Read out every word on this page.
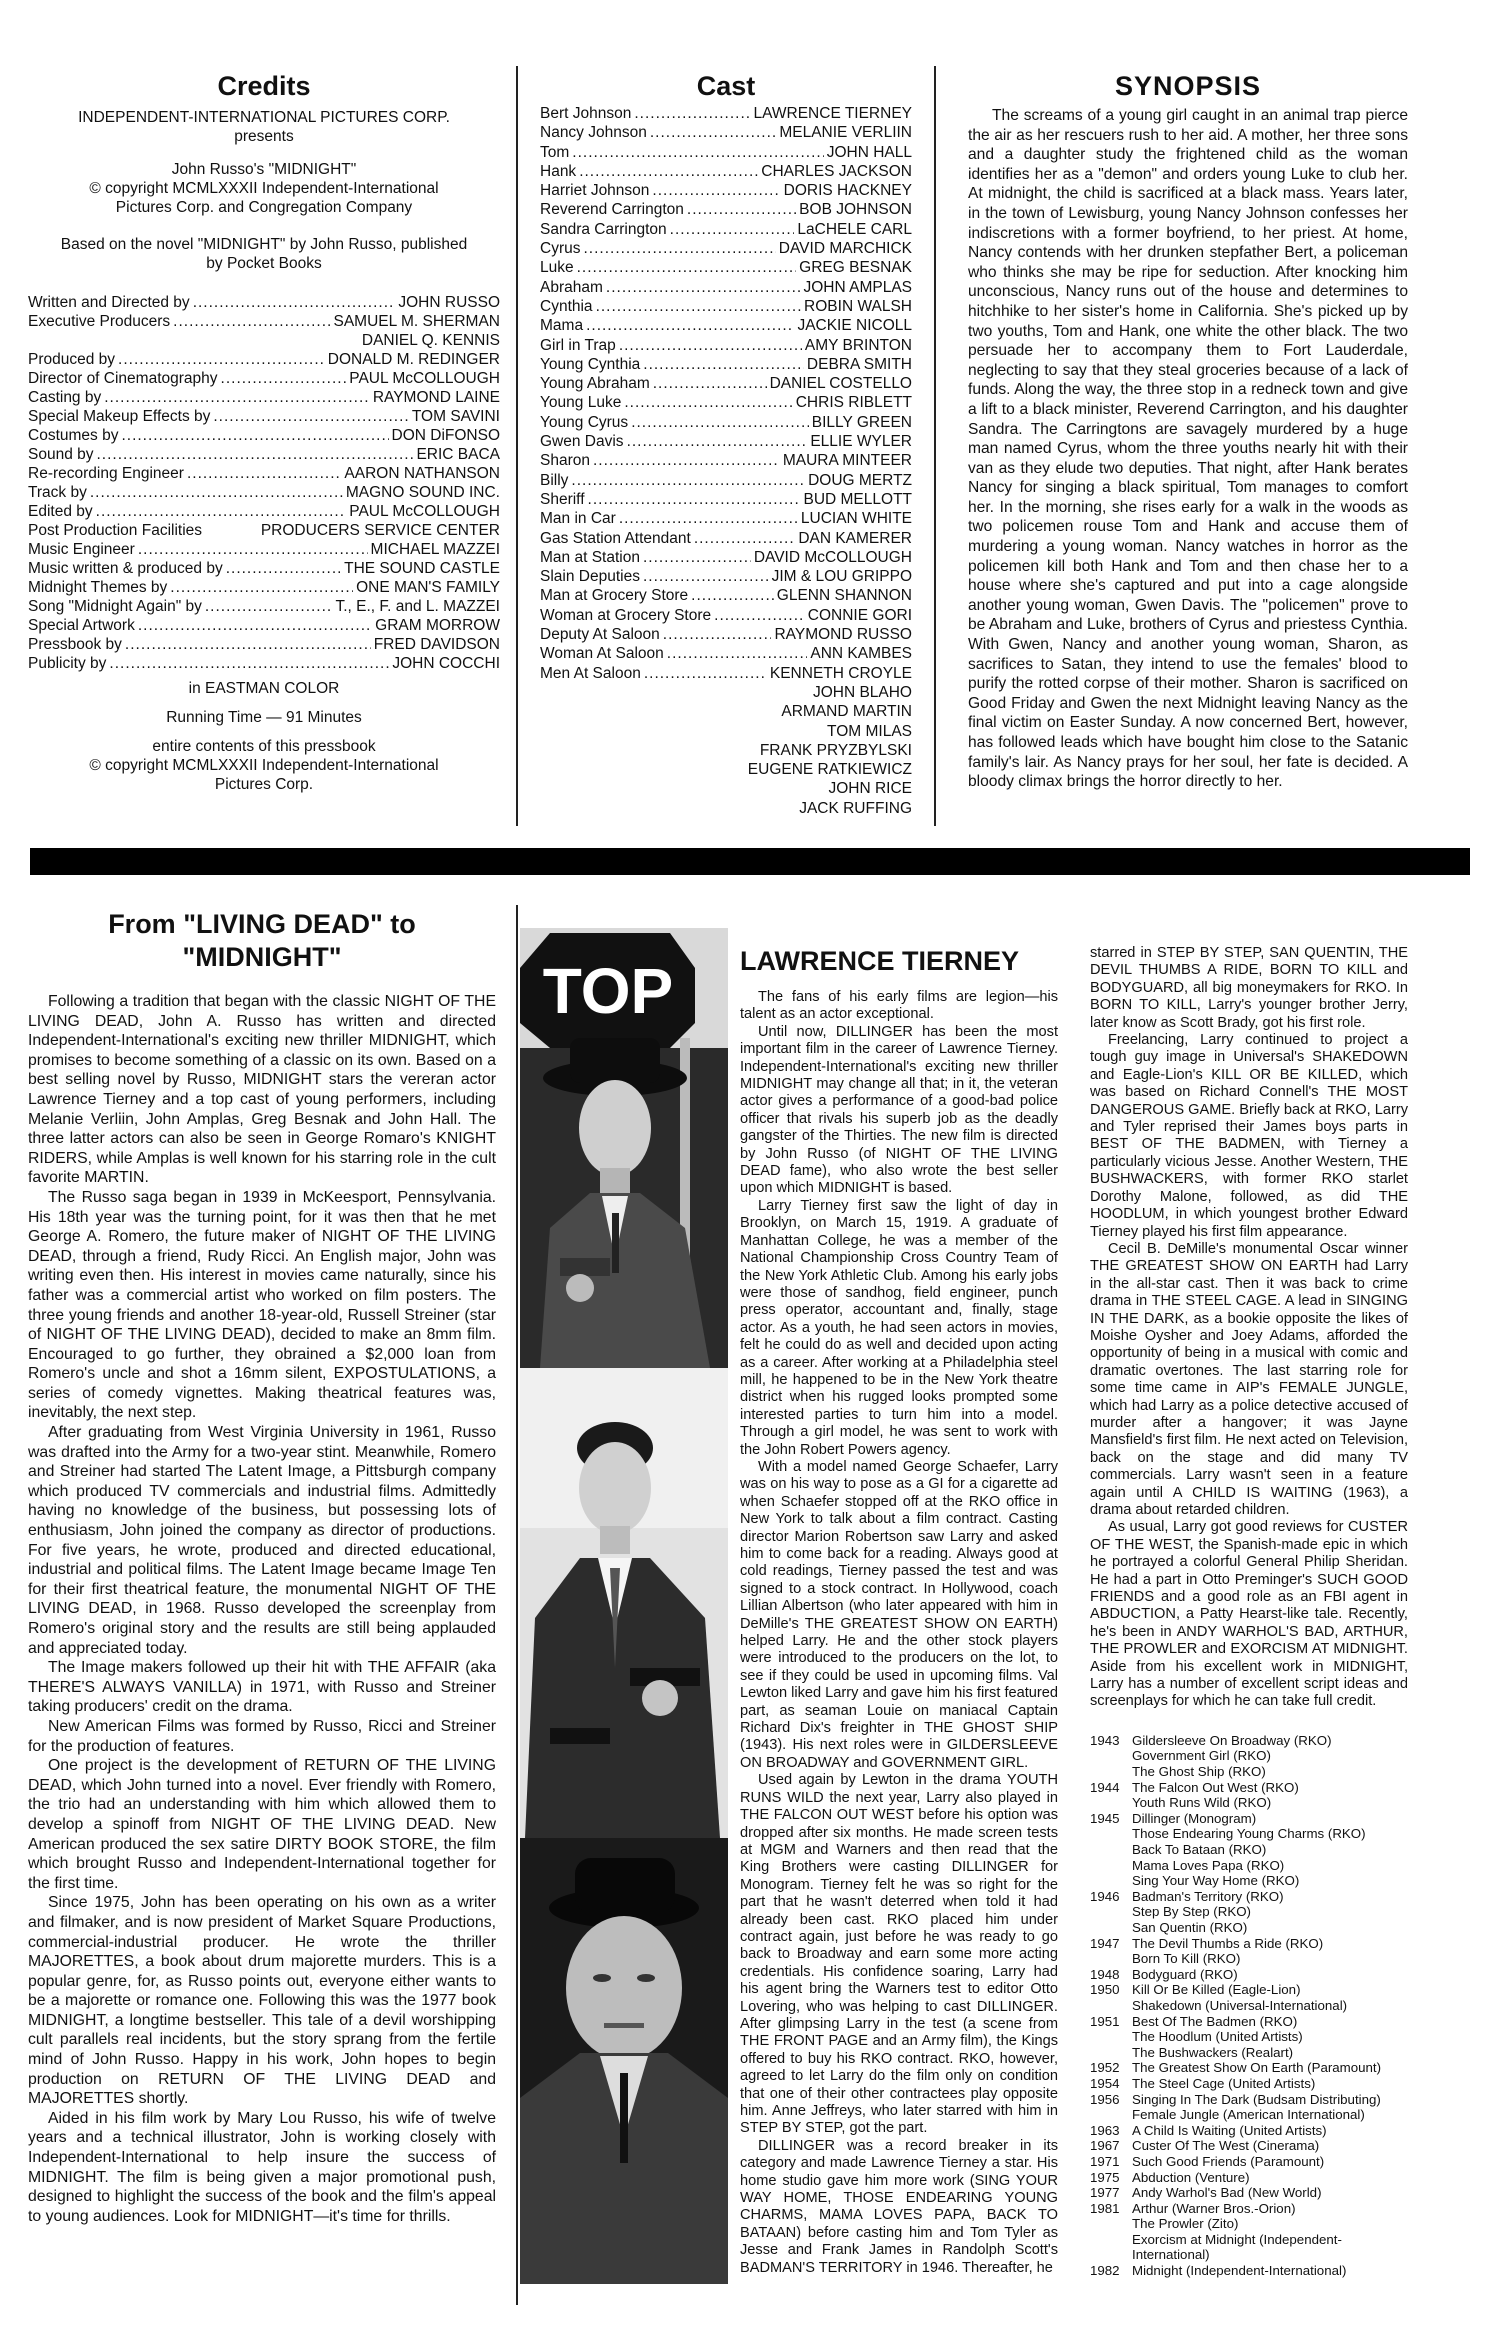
Credits
INDEPENDENT-INTERNATIONAL PICTURES CORP.
presents
John Russo's "MIDNIGHT"
© copyright MCMLXXXII Independent-International
Pictures Corp. and Congregation Company
Based on the novel "MIDNIGHT" by John Russo, published
by Pocket Books
Written and Directed by .....	JOHN RUSSO
Executive Producers .....	SAMUEL M. SHERMAN
DANIEL Q. KENNIS
Produced by .....	DONALD M. REDINGER
Director of Cinematography .....	PAUL McCOLLOUGH
Casting by .....	RAYMOND LAINE
Special Makeup Effects by .....	TOM SAVINI
Costumes by .....	DON DiFONSO
Sound by .....	ERIC BACA
Re-recording Engineer .....	AARON NATHANSON
Track by .....	MAGNO SOUND INC.
Edited by .....	PAUL McCOLLOUGH
Post Production Facilities	PRODUCERS SERVICE CENTER
Music Engineer .....	MICHAEL MAZZEI
Music written & produced by .....	THE SOUND CASTLE
Midnight Themes by .....	ONE MAN'S FAMILY
Song "Midnight Again" by .....	T., E., F. and L. MAZZEI
Special Artwork .....	GRAM MORROW
Pressbook by .....	FRED DAVIDSON
Publicity by .....	JOHN COCCHI
in EASTMAN COLOR
Running Time — 91 Minutes
entire contents of this pressbook
© copyright MCMLXXXII Independent-International
Pictures Corp.
Cast
Bert Johnson .....	LAWRENCE TIERNEY
Nancy Johnson .....	MELANIE VERLIIN
Tom .....	JOHN HALL
Hank .....	CHARLES JACKSON
Harriet Johnson .....	DORIS HACKNEY
Reverend Carrington .....	BOB JOHNSON
Sandra Carrington .....	LaCHELE CARL
Cyrus .....	DAVID MARCHICK
Luke .....	GREG BESNAK
Abraham .....	JOHN AMPLAS
Cynthia .....	ROBIN WALSH
Mama .....	JACKIE NICOLL
Girl in Trap .....	AMY BRINTON
Young Cynthia .....	DEBRA SMITH
Young Abraham .....	DANIEL COSTELLO
Young Luke .....	CHRIS RIBLETT
Young Cyrus .....	BILLY GREEN
Gwen Davis .....	ELLIE WYLER
Sharon .....	MAURA MINTEER
Billy .....	DOUG MERTZ
Sheriff .....	BUD MELLOTT
Man in Car .....	LUCIAN WHITE
Gas Station Attendant .....	DAN KAMERER
Man at Station .....	DAVID McCOLLOUGH
Slain Deputies .....	JIM & LOU GRIPPO
Man at Grocery Store .....	GLENN SHANNON
Woman at Grocery Store .....	CONNIE GORI
Deputy At Saloon .....	RAYMOND RUSSO
Woman At Saloon .....	ANN KAMBES
Men At Saloon .....	KENNETH CROYLE
JOHN BLAHO
ARMAND MARTIN
TOM MILAS
FRANK PRYZBYLSKI
EUGENE RATKIEWICZ
JOHN RICE
JACK RUFFING
SYNOPSIS

The screams of a young girl caught in an animal trap pierce the air as her rescuers rush to her aid. A mother, her three sons and a daughter study the frightened child as the woman identifies her as a "demon" and orders young Luke to club her. At midnight, the child is sacrificed at a black mass. Years later, in the town of Lewisburg, young Nancy Johnson confesses her indiscretions with a former boyfriend, to her priest. At home, Nancy contends with her drunken stepfather Bert, a policeman who thinks she may be ripe for seduction. After knocking him unconscious, Nancy runs out of the house and determines to hitchhike to her sister's home in California. She's picked up by two youths, Tom and Hank, one white the other black. The two persuade her to accompany them to Fort Lauderdale, neglecting to say that they steal groceries because of a lack of funds. Along the way, the three stop in a redneck town and give a lift to a black minister, Reverend Carrington, and his daughter Sandra. The Carringtons are savagely murdered by a huge man named Cyrus, whom the three youths nearly hit with their van as they elude two deputies. That night, after Hank berates Nancy for singing a black spiritual, Tom manages to comfort her. In the morning, she rises early for a walk in the woods as two policemen rouse Tom and Hank and accuse them of murdering a young woman. Nancy watches in horror as the policemen kill both Hank and Tom and then chase her to a house where she's captured and put into a cage alongside another young woman, Gwen Davis. The "policemen" prove to be Abraham and Luke, brothers of Cyrus and priestess Cynthia. With Gwen, Nancy and another young woman, Sharon, as sacrifices to Satan, they intend to use the females' blood to purify the rotted corpse of their mother. Sharon is sacrificed on Good Friday and Gwen the next Midnight leaving Nancy as the final victim on Easter Sunday. A now concerned Bert, however, has followed leads which have bought him close to the Satanic family's lair. As Nancy prays for her soul, her fate is decided. A bloody climax brings the horror directly to her.

From "LIVING DEAD" to "MIDNIGHT"

Following a tradition that began with the classic NIGHT OF THE LIVING DEAD, John A. Russo has written and directed Independent-International's exciting new thriller MIDNIGHT, which promises to become something of a classic on its own. Based on a best selling novel by Russo, MIDNIGHT stars the vereran actor Lawrence Tierney and a top cast of young performers, including Melanie Verliin, John Amplas, Greg Besnak and John Hall. The three latter actors can also be seen in George Romaro's KNIGHT RIDERS, while Amplas is well known for his starring role in the cult favorite MARTIN.

The Russo saga began in 1939 in McKeesport, Pennsylvania. His 18th year was the turning point, for it was then that he met George A. Romero, the future maker of NIGHT OF THE LIVING DEAD, through a friend, Rudy Ricci. An English major, John was writing even then. His interest in movies came naturally, since his father was a commercial artist who worked on film posters. The three young friends and another 18-year-old, Russell Streiner (star of NIGHT OF THE LIVING DEAD), decided to make an 8mm film. Encouraged to go further, they obrained a $2,000 loan from Romero's uncle and shot a 16mm silent, EXPOSTULATIONS, a series of comedy vignettes. Making theatrical features was, inevitably, the next step.

After graduating from West Virginia University in 1961, Russo was drafted into the Army for a two-year stint. Meanwhile, Romero and Streiner had started The Latent Image, a Pittsburgh company which produced TV commercials and industrial films. Admittedly having no knowledge of the business, but possessing lots of enthusiasm, John joined the company as director of productions. For five years, he wrote, produced and directed educational, industrial and political films. The Latent Image became Image Ten for their first theatrical feature, the monumental NIGHT OF THE LIVING DEAD, in 1968. Russo developed the screenplay from Romero's original story and the results are still being applauded and appreciated today.

The Image makers followed up their hit with THE AFFAIR (aka THERE'S ALWAYS VANILLA) in 1971, with Russo and Streiner taking producers' credit on the drama.

New American Films was formed by Russo, Ricci and Streiner for the production of features.

One project is the development of RETURN OF THE LIVING DEAD, which John turned into a novel. Ever friendly with Romero, the trio had an understanding with him which allowed them to develop a spinoff from NIGHT OF THE LIVING DEAD. New American produced the sex satire DIRTY BOOK STORE, the film which brought Russo and Independent-International together for the first time.

Since 1975, John has been operating on his own as a writer and filmaker, and is now president of Market Square Productions, commercial-industrial producer. He wrote the thriller MAJORETTES, a book about drum majorette murders. This is a popular genre, for, as Russo points out, everyone either wants to be a majorette or romance one. Following this was the 1977 book MIDNIGHT, a longtime bestseller. This tale of a devil worshipping cult parallels real incidents, but the story sprang from the fertile mind of John Russo. Happy in his work, John hopes to begin production on RETURN OF THE LIVING DEAD and MAJORETTES shortly.

Aided in his film work by Mary Lou Russo, his wife of twelve years and a technical illustrator, John is working closely with Independent-International to help insure the success of MIDNIGHT. The film is being given a major promotional push, designed to highlight the success of the book and the film's appeal to young audiences. Look for MIDNIGHT—it's time for thrills.

TOP LAWRENCE TIERNEY

The fans of his early films are legion—his talent as an actor exceptional.

Until now, DILLINGER has been the most important film in the career of Lawrence Tierney. Independent-International's exciting new thriller MIDNIGHT may change all that; in it, the veteran actor gives a performance of a good-bad police officer that rivals his superb job as the deadly gangster of the Thirties. The new film is directed by John Russo (of NIGHT OF THE LIVING DEAD fame), who also wrote the best seller upon which MIDNIGHT is based.

Larry Tierney first saw the light of day in Brooklyn, on March 15, 1919. A graduate of Manhattan College, he was a member of the National Championship Cross Country Team of the New York Athletic Club. Among his early jobs were those of sandhog, field engineer, punch press operator, accountant and, finally, stage actor. As a youth, he had seen actors in movies, felt he could do as well and decided upon acting as a career. After working at a Philadelphia steel mill, he happened to be in the New York theatre district when his rugged looks prompted some interested parties to turn him into a model. Through a girl model, he was sent to work with the John Robert Powers agency.

With a model named George Schaefer, Larry was on his way to pose as a GI for a cigarette ad when Schaefer stopped off at the RKO office in New York to talk about a film contract. Casting director Marion Robertson saw Larry and asked him to come back for a reading. Always good at cold readings, Tierney passed the test and was signed to a stock contract. In Hollywood, coach Lillian Albertson (who later appeared with him in DeMille's THE GREATEST SHOW ON EARTH) helped Larry. He and the other stock players were introduced to the producers on the lot, to see if they could be used in upcoming films. Val Lewton liked Larry and gave him his first featured part, as seaman Louie on maniacal Captain Richard Dix's freighter in THE GHOST SHIP (1943). His next roles were in GILDERSLEEVE ON BROADWAY and GOVERNMENT GIRL.

Used again by Lewton in the drama YOUTH RUNS WILD the next year, Larry also played in THE FALCON OUT WEST before his option was dropped after six months. He made screen tests at MGM and Warners and then read that the King Brothers were casting DILLINGER for Monogram. Tierney felt he was so right for the part that he wasn't deterred when told it had already been cast. RKO placed him under contract again, just before he was ready to go back to Broadway and earn some more acting credentials. His confidence soaring, Larry had his agent bring the Warners test to editor Otto Lovering, who was helping to cast DILLINGER. After glimpsing Larry in the test (a scene from THE FRONT PAGE and an Army film), the Kings offered to buy his RKO contract. RKO, however, agreed to let Larry do the film only on condition that one of their other contractees play opposite him. Anne Jeffreys, who later starred with him in STEP BY STEP, got the part.

DILLINGER was a record breaker in its category and made Lawrence Tierney a star. His home studio gave him more work (SING YOUR WAY HOME, THOSE ENDEARING YOUNG CHARMS, MAMA LOVES PAPA, BACK TO BATAAN) before casting him and Tom Tyler as Jesse and Frank James in Randolph Scott's BADMAN'S TERRITORY in 1946. Thereafter, he

starred in STEP BY STEP, SAN QUENTIN, THE DEVIL THUMBS A RIDE, BORN TO KILL and BODYGUARD, all big moneymakers for RKO. In BORN TO KILL, Larry's younger brother Jerry, later know as Scott Brady, got his first role.

Freelancing, Larry continued to project a tough guy image in Universal's SHAKEDOWN and Eagle-Lion's KILL OR BE KILLED, which was based on Richard Connell's THE MOST DANGEROUS GAME. Briefly back at RKO, Larry and Tyler reprised their James boys parts in BEST OF THE BADMEN, with Tierney a particularly vicious Jesse. Another Western, THE BUSHWACKERS, with former RKO starlet Dorothy Malone, followed, as did THE HOODLUM, in which youngest brother Edward Tierney played his first film appearance.

Cecil B. DeMille's monumental Oscar winner THE GREATEST SHOW ON EARTH had Larry in the all-star cast. Then it was back to crime drama in THE STEEL CAGE. A lead in SINGING IN THE DARK, as a bookie opposite the likes of Moishe Oysher and Joey Adams, afforded the opportunity of being in a musical with comic and dramatic overtones. The last starring role for some time came in AIP's FEMALE JUNGLE, which had Larry as a police detective accused of murder after a hangover; it was Jayne Mansfield's first film. He next acted on Television, back on the stage and did many TV commercials. Larry wasn't seen in a feature again until A CHILD IS WAITING (1963), a drama about retarded children.

As usual, Larry got good reviews for CUSTER OF THE WEST, the Spanish-made epic in which he portrayed a colorful General Philip Sheridan. He had a part in Otto Preminger's SUCH GOOD FRIENDS and a good role as an FBI agent in ABDUCTION, a Patty Hearst-like tale. Recently, he's been in ANDY WARHOL'S BAD, ARTHUR, THE PROWLER and EXORCISM AT MIDNIGHT. Aside from his excellent work in MIDNIGHT, Larry has a number of excellent script ideas and screenplays for which he can take full credit.

1943 Gildersleeve On Broadway (RKO)
Government Girl (RKO)
The Ghost Ship (RKO)
1944 The Falcon Out West (RKO)
Youth Runs Wild (RKO)
1945 Dillinger (Monogram)
Those Endearing Young Charms (RKO)
Back To Bataan (RKO)
Mama Loves Papa (RKO)
Sing Your Way Home (RKO)
1946 Badman's Territory (RKO)
Step By Step (RKO)
San Quentin (RKO)
1947 The Devil Thumbs a Ride (RKO)
Born To Kill (RKO)
1948 Bodyguard (RKO)
1950 Kill Or Be Killed (Eagle-Lion)
Shakedown (Universal-International)
1951 Best Of The Badmen (RKO)
The Hoodlum (United Artists)
The Bushwackers (Realart)
1952 The Greatest Show On Earth (Paramount)
1954 The Steel Cage (United Artists)
1956 Singing In The Dark (Budsam Distributing)
Female Jungle (American International)
1963 A Child Is Waiting (United Artists)
1967 Custer Of The West (Cinerama)
1971 Such Good Friends (Paramount)
1975 Abduction (Venture)
1977 Andy Warhol's Bad (New World)
1981 Arthur (Warner Bros.-Orion)
The Prowler (Zito)
Exorcism at Midnight (Independent-International)
1982 Midnight (Independent-International)
